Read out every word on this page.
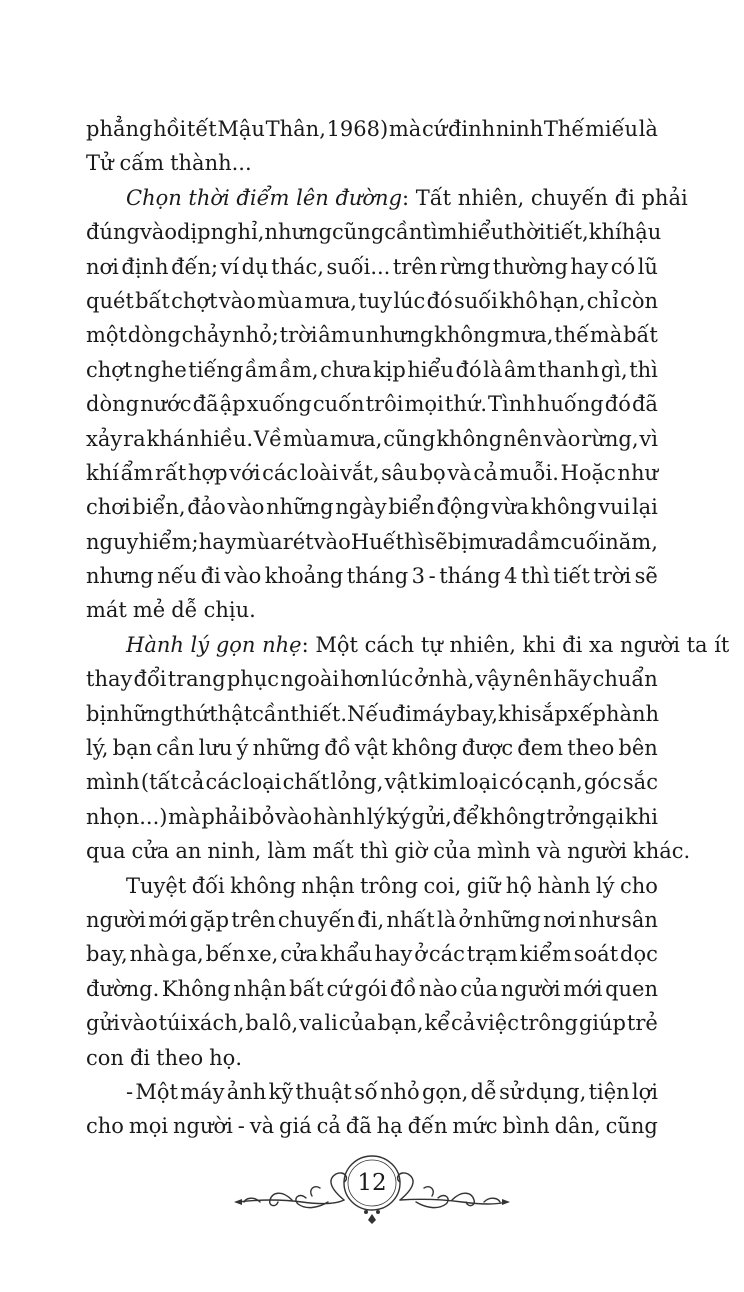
phẳng hồi tết Mậu Thân, 1968) mà cứ đinh ninh Thế miếu là
Tử cấm thành...
Chọn thời điểm lên đường : Tất nhiên, chuyến đi phải
đúng vào dịp nghỉ, nhưng cũng cần tìm hiểu thời tiết, khí hậu
nơi định đến; ví dụ thác, suối... trên rừng thường hay có lũ
quét bất chợt vào mùa mưa, tuy lúc đó suối khô hạn, chỉ còn
một dòng chảy nhỏ; trời âm u nhưng không mưa, thế mà bất
chợt nghe tiếng ầm ầm, chưa kịp hiểu đó là âm thanh gì, thì
dòng nước đã ập xuống cuốn trôi mọi thứ. Tình huống đó đã
xảy ra khá nhiều. Về mùa mưa, cũng không nên vào rừng, vì
khí ẩm rất hợp với các loài vắt, sâu bọ và cả muỗi. Hoặc như
chơi biển, đảo vào những ngày biển động vừa không vui lại
nguy hiểm; hay mùa rét vào Huế thì sẽ bị mưa dầm cuối năm,
nhưng nếu đi vào khoảng tháng 3 - tháng 4 thì tiết trời sẽ
mát mẻ dễ chịu.
Hành lý gọn nhẹ : Một cách tự nhiên, khi đi xa người ta ít
thay đổi trang phục ngoài hơn lúc ở nhà, vậy nên hãy chuẩn
bị những thứ thật cần thiết. Nếu đi máy bay, khi sắp xếp hành
lý, bạn cần lưu ý những đồ vật không được đem theo bên
mình (tất cả các loại chất lỏng, vật kim loại có cạnh, góc sắc
nhọn...) mà phải bỏ vào hành lý ký gửi, để không trở ngại khi
qua cửa an ninh, làm mất thì giờ của mình và người khác.
Tuyệt đối không nhận trông coi, giữ hộ hành lý cho
người mới gặp trên chuyến đi, nhất là ở những nơi như sân
bay, nhà ga, bến xe, cửa khẩu hay ở các trạm kiểm soát dọc
đường. Không nhận bất cứ gói đồ nào của người mới quen
gửi vào túi xách, ba lô, va li của bạn, kể cả việc trông giúp trẻ
con đi theo họ.
- Một máy ảnh kỹ thuật số nhỏ gọn, dễ sử dụng, tiện lợi
cho mọi người - và giá cả đã hạ đến mức bình dân, cũng
12
